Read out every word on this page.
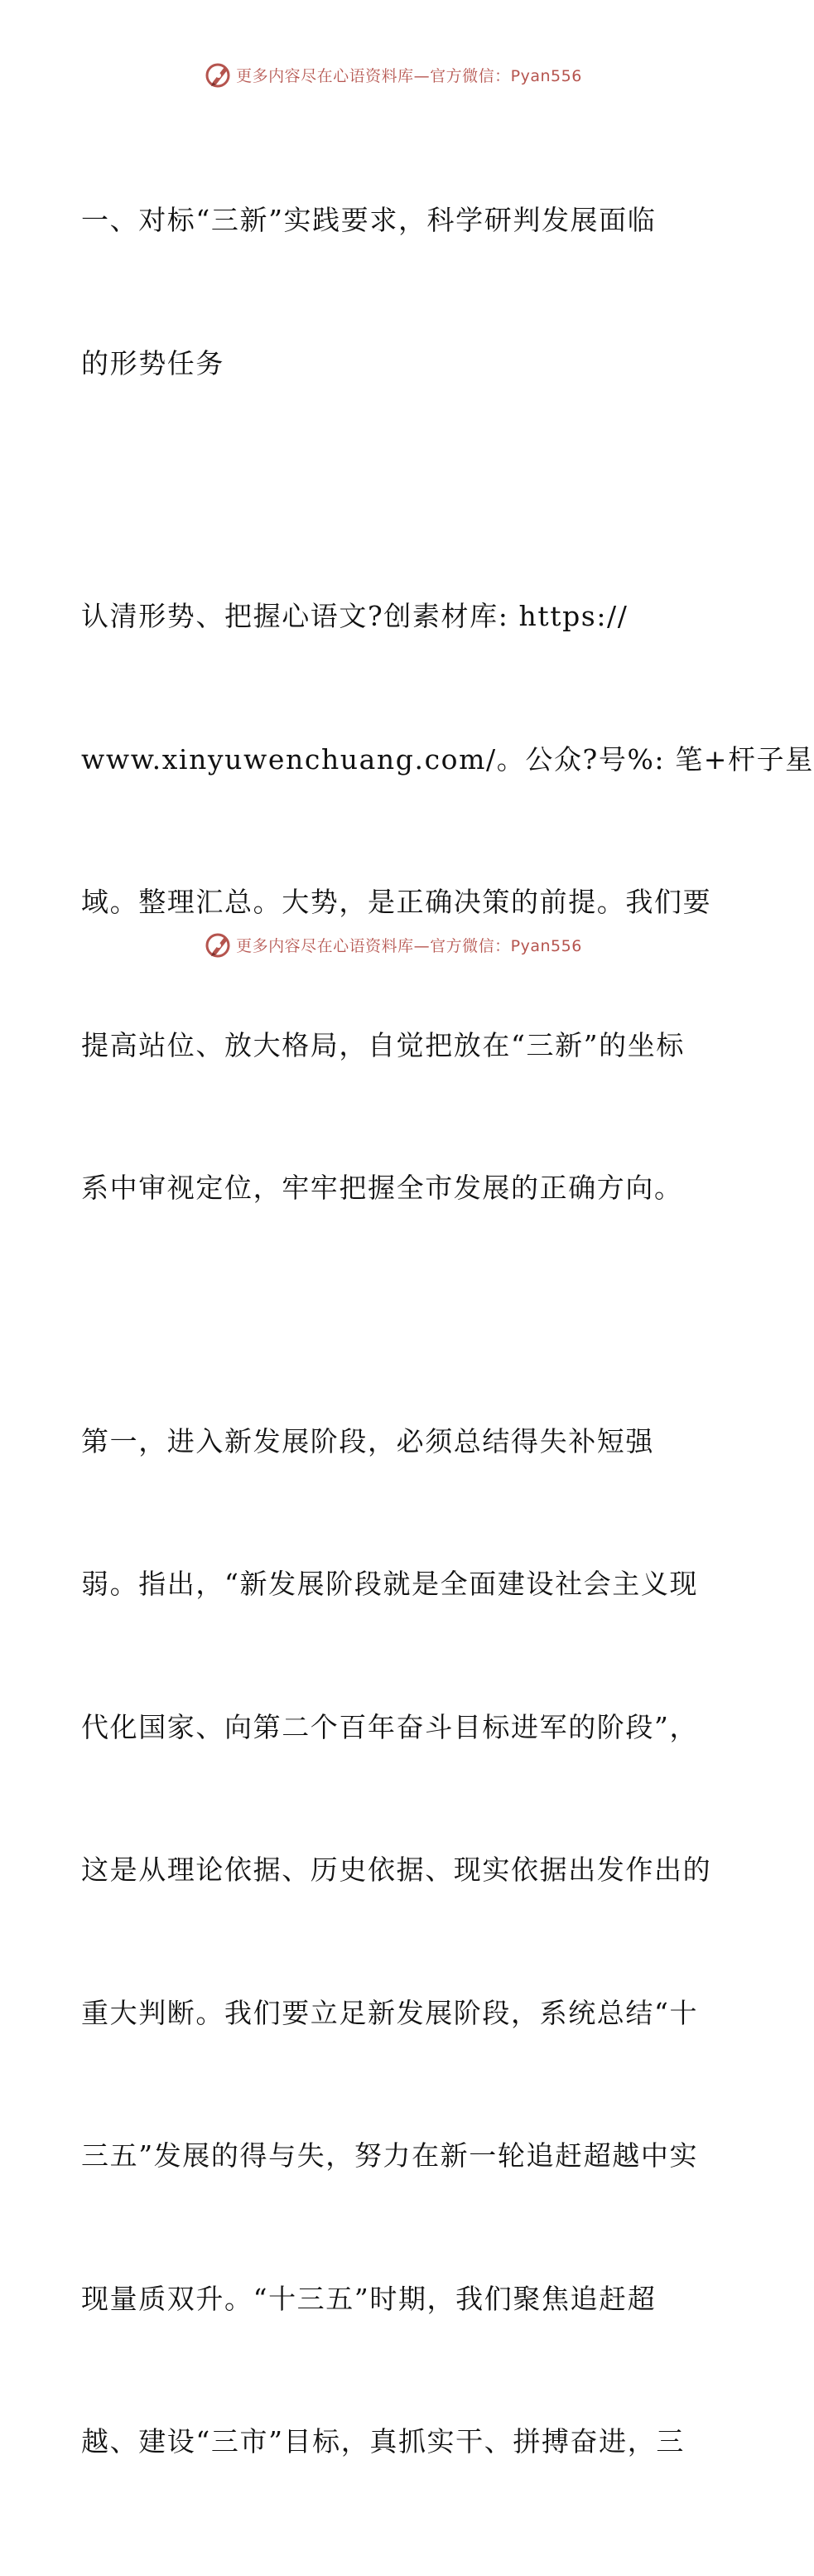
更多内容尽在心语资料库—官方微信：Pyan556

一、对标“三新”实践要求，科学研判发展面临

的形势任务

认清形势、把握心语文?创素材库: https://

www.xinyuwenchuang.com/。公众?号%: 笔+杆子星

域。整理汇总。大势，是正确决策的前提。我们要

提高站位、放大格局，自觉把放在“三新”的坐标

系中审视定位，牢牢把握全市发展的正确方向。

第一，进入新发展阶段，必须总结得失补短强

弱。指出，“新发展阶段就是全面建设社会主义现

代化国家、向第二个百年奋斗目标进军的阶段”，

这是从理论依据、历史依据、现实依据出发作出的

重大判断。我们要立足新发展阶段，系统总结“十

三五”发展的得与失，努力在新一轮追赶超越中实

现量质双升。“十三五”时期，我们聚焦追赶超

越、建设“三市”目标，真抓实干、拼搏奋进，三

更多内容尽在心语资料库—官方微信：Pyan556
